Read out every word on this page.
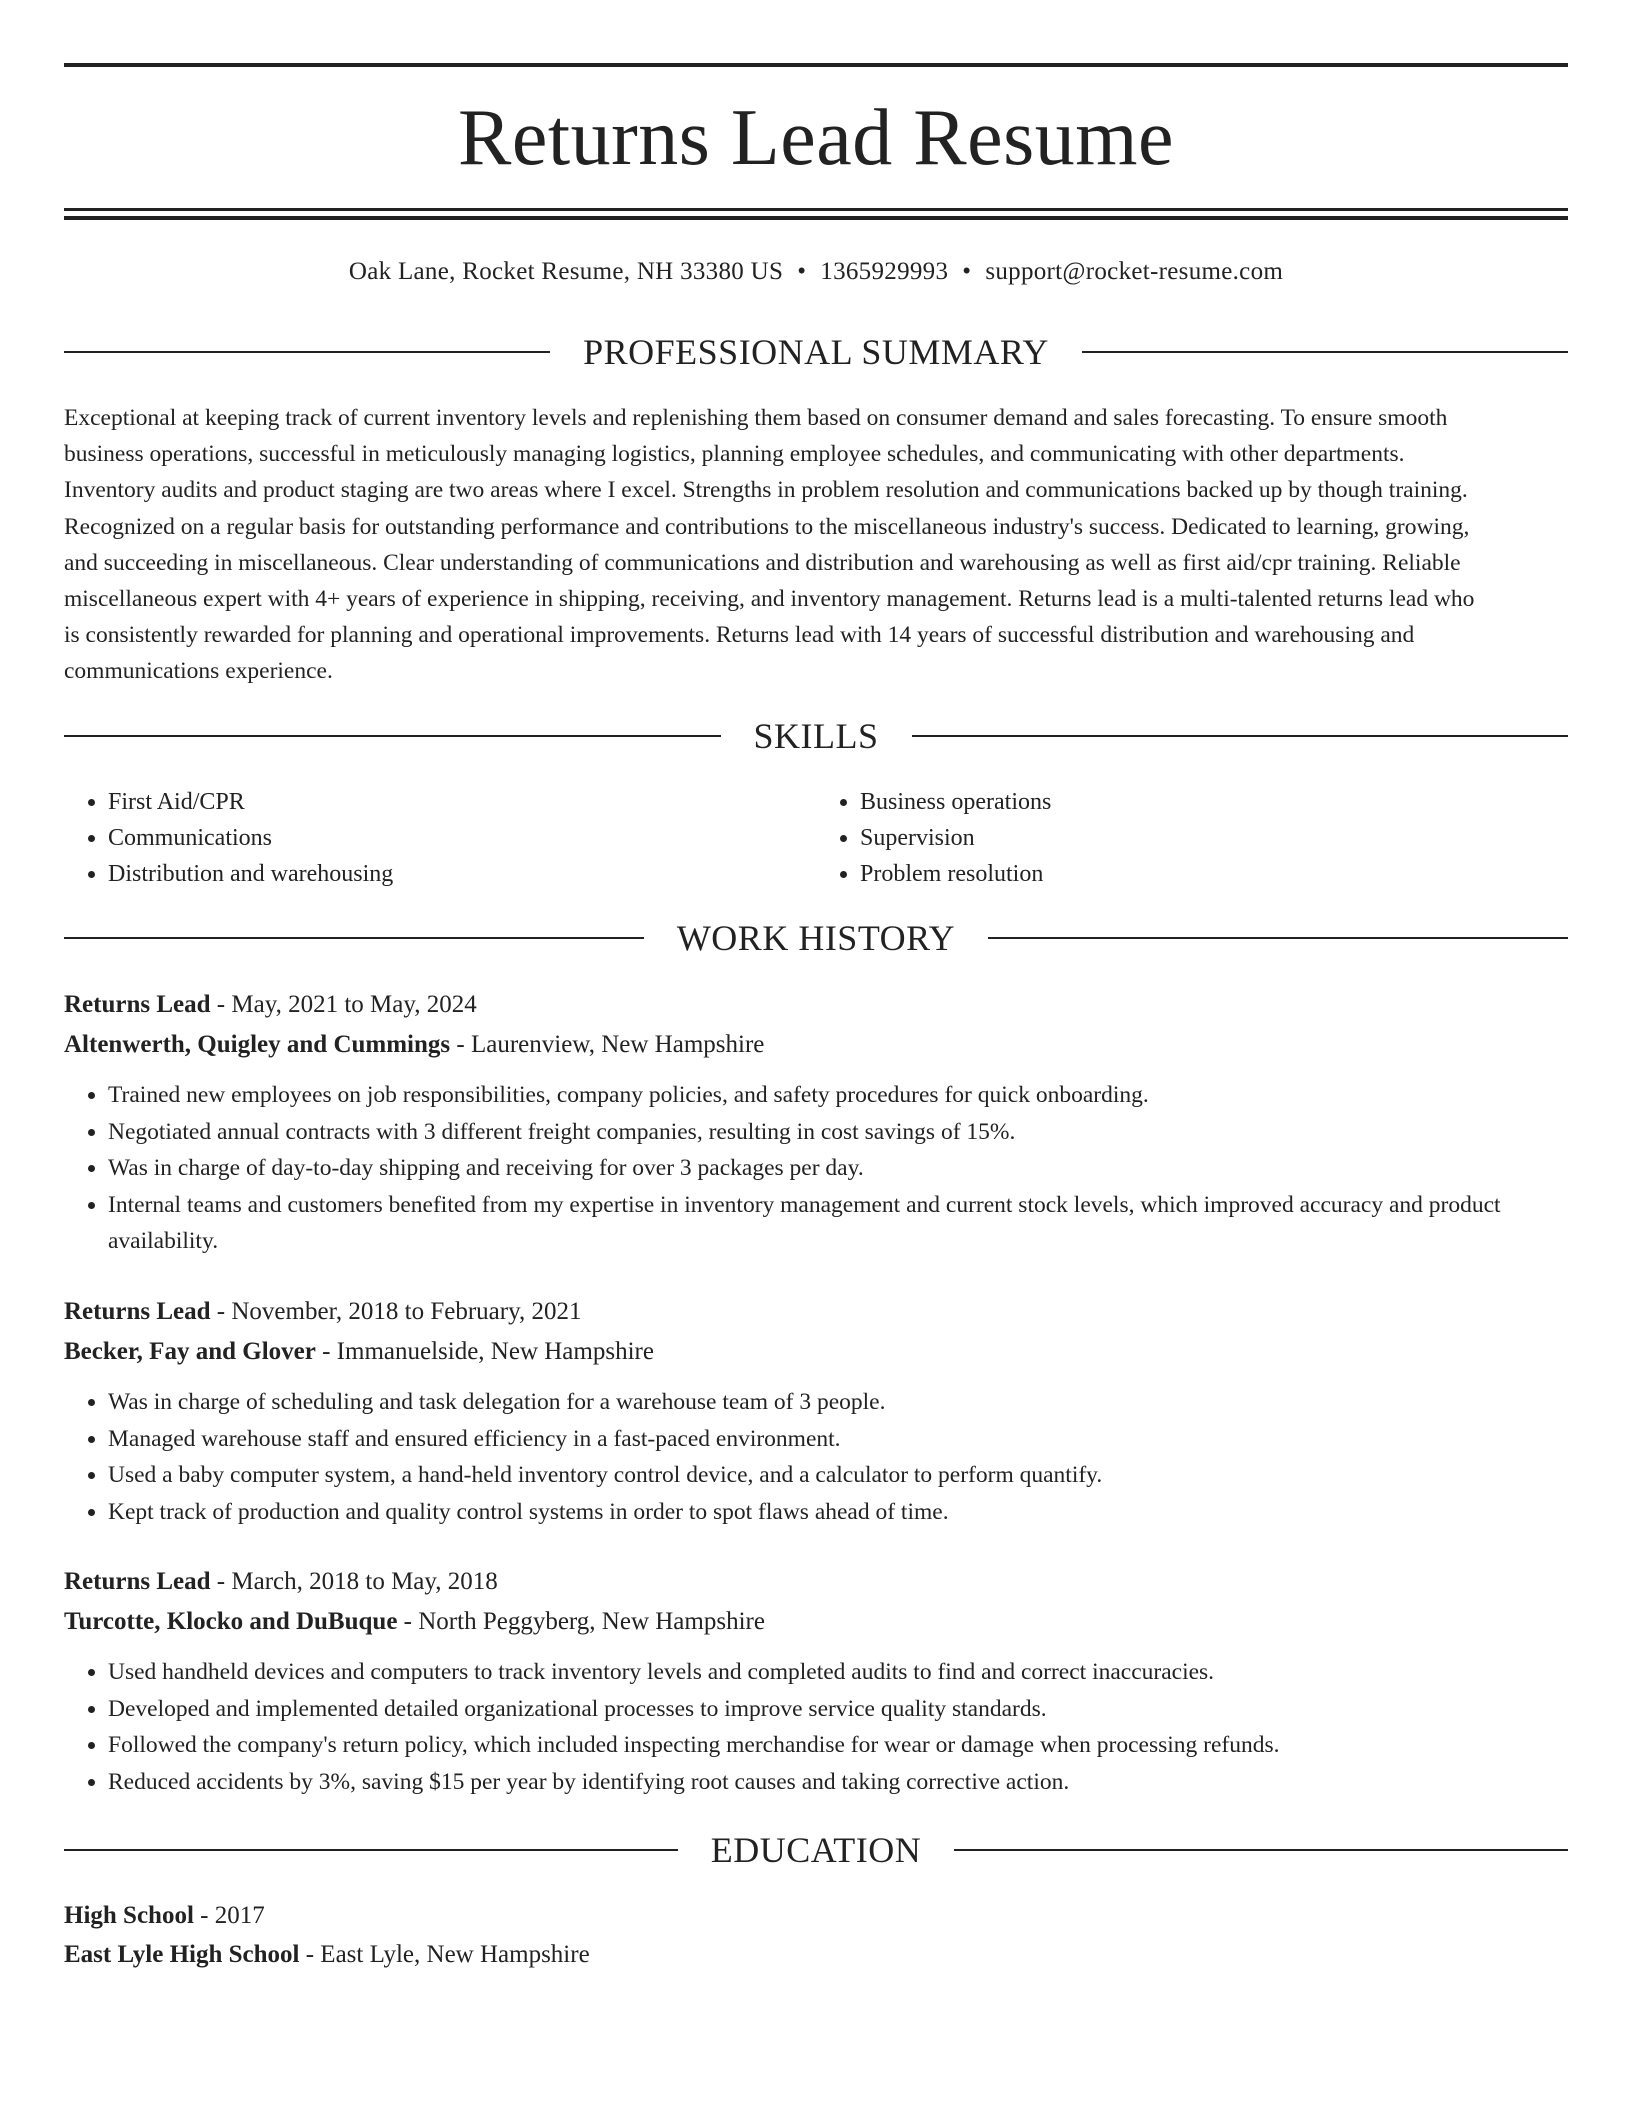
Returns Lead Resume
Oak Lane, Rocket Resume, NH 33380 US • 1365929993 • support@rocket-resume.com
PROFESSIONAL SUMMARY
Exceptional at keeping track of current inventory levels and replenishing them based on consumer demand and sales forecasting. To ensure smooth
business operations, successful in meticulously managing logistics, planning employee schedules, and communicating with other departments.
Inventory audits and product staging are two areas where I excel. Strengths in problem resolution and communications backed up by though training.
Recognized on a regular basis for outstanding performance and contributions to the miscellaneous industry's success. Dedicated to learning, growing,
and succeeding in miscellaneous. Clear understanding of communications and distribution and warehousing as well as first aid/cpr training. Reliable
miscellaneous expert with 4+ years of experience in shipping, receiving, and inventory management. Returns lead is a multi-talented returns lead who
is consistently rewarded for planning and operational improvements. Returns lead with 14 years of successful distribution and warehousing and
communications experience.
SKILLS
• First Aid/CPR
• Communications
• Distribution and warehousing
• Business operations
• Supervision
• Problem resolution
WORK HISTORY
Returns Lead - May, 2021 to May, 2024
Altenwerth, Quigley and Cummings - Laurenview, New Hampshire
• Trained new employees on job responsibilities, company policies, and safety procedures for quick onboarding.
• Negotiated annual contracts with 3 different freight companies, resulting in cost savings of 15%.
• Was in charge of day-to-day shipping and receiving for over 3 packages per day.
• Internal teams and customers benefited from my expertise in inventory management and current stock levels, which improved accuracy and product availability.
Returns Lead - November, 2018 to February, 2021
Becker, Fay and Glover - Immanuelside, New Hampshire
• Was in charge of scheduling and task delegation for a warehouse team of 3 people.
• Managed warehouse staff and ensured efficiency in a fast-paced environment.
• Used a baby computer system, a hand-held inventory control device, and a calculator to perform quantify.
• Kept track of production and quality control systems in order to spot flaws ahead of time.
Returns Lead - March, 2018 to May, 2018
Turcotte, Klocko and DuBuque - North Peggyberg, New Hampshire
• Used handheld devices and computers to track inventory levels and completed audits to find and correct inaccuracies.
• Developed and implemented detailed organizational processes to improve service quality standards.
• Followed the company's return policy, which included inspecting merchandise for wear or damage when processing refunds.
• Reduced accidents by 3%, saving $15 per year by identifying root causes and taking corrective action.
EDUCATION
High School - 2017
East Lyle High School - East Lyle, New Hampshire
